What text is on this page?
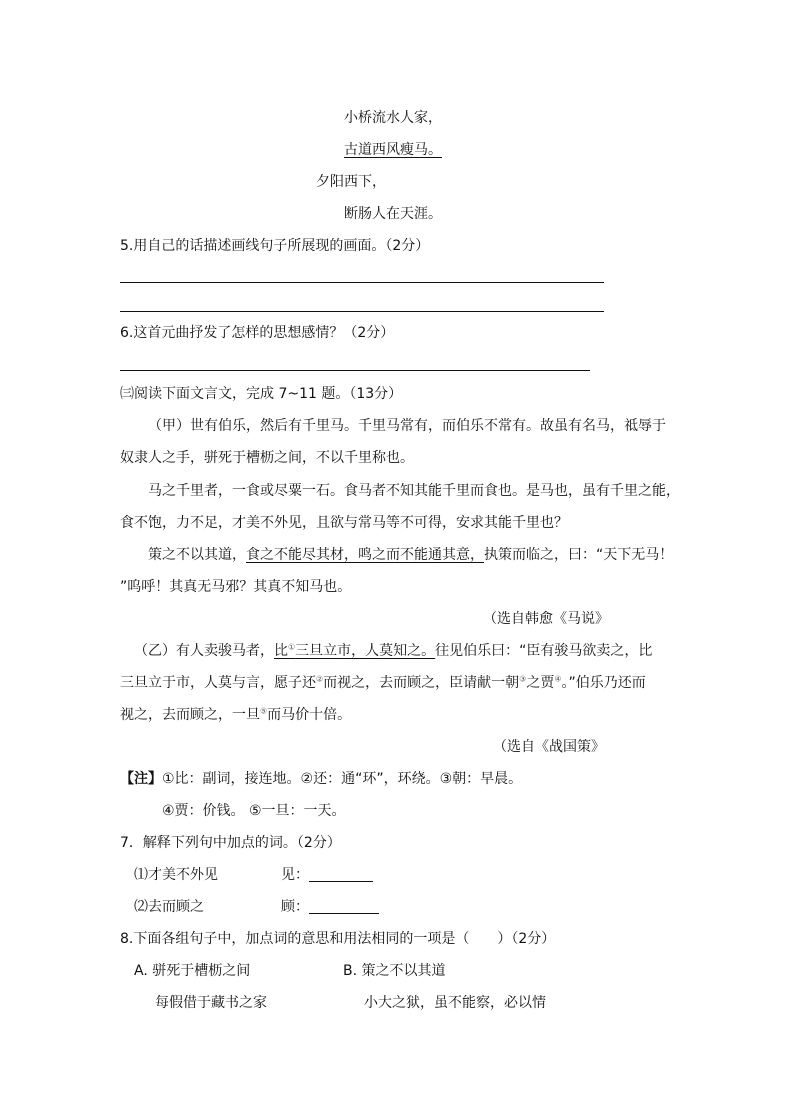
小桥流水人家，
古道西风瘦马。
夕阳西下，
断肠人在天涯。
5.用自己的话描述画线句子所展现的画面。（2分）
6.这首元曲抒发了怎样的思想感情？（2分）
㈢阅读下面文言文，完成 7~11 题。（13分）
（甲）世有伯乐，然后有千里马。千里马常有，而伯乐不常有。故虽有名马，祗辱于
奴隶人之手，骈死于槽枥之间，不以千里称也。
马之千里者，一食或尽粟一石。食马者不知其能千里而食也。是马也，虽有千里之能，
食不饱，力不足，才美不外见，且欲与常马等不可得，安求其能千里也？
策之不以其道，食之不能尽其材，鸣之而不能通其意，执策而临之，曰：“天下无马！
”呜呼！其真无马邪？其真不知马也。
（选自韩愈《马说》
（乙）有人卖骏马者，比①三旦立市，人莫知之。往见伯乐曰：“臣有骏马欲卖之，比
三旦立于市，人莫与言，愿子还②而视之，去而顾之，臣请献一朝③之贾④。”伯乐乃还而
视之，去而顾之，一旦⑤而马价十倍。
（选自《战国策》
【注】①比：副词，接连地。②还：通“环”，环绕。③朝：早晨。
④贾：价钱。 ⑤一旦：一天。
7．解释下列句中加点的词。（2分）
⑴才美不外见	见：
⑵去而顾之	顾：
8.下面各组句子中，加点词的意思和用法相同的一项是（　　）（2分）
A. 骈死于槽枥之间	B. 策之不以其道
每假借于藏书之家	小大之狱，虽不能察，必以情
